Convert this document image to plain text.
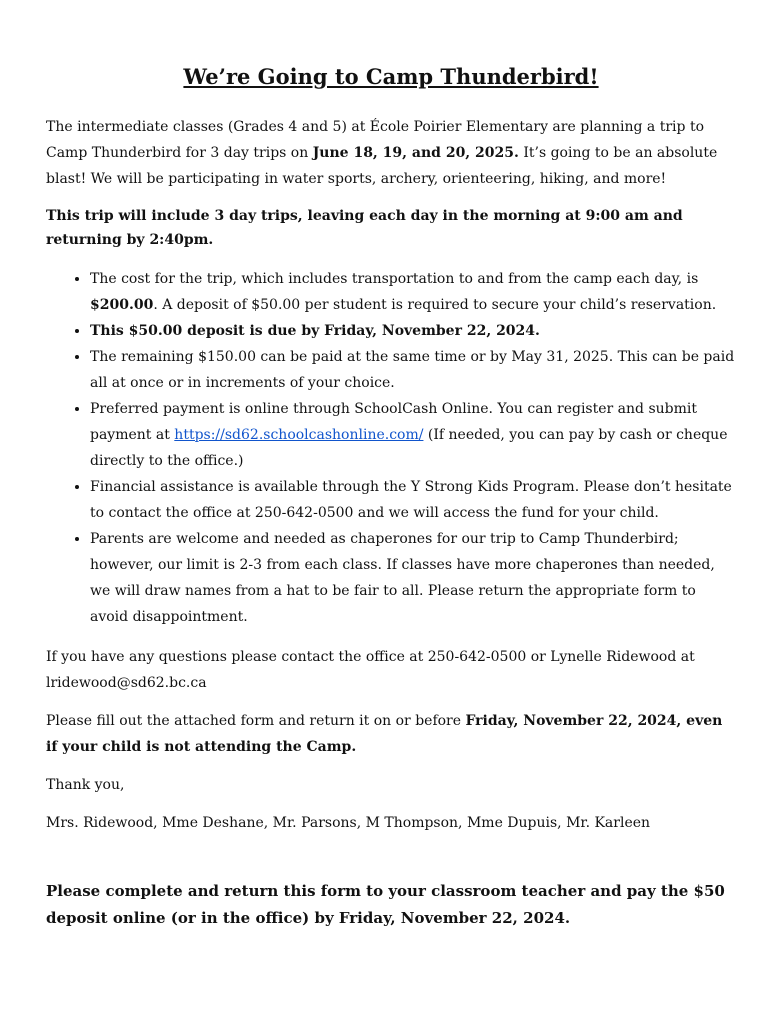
We’re Going to Camp Thunderbird!

The intermediate classes (Grades 4 and 5) at École Poirier Elementary are planning a trip to Camp Thunderbird for 3 day trips on June 18, 19, and 20, 2025. It’s going to be an absolute blast! We will be participating in water sports, archery, orienteering, hiking, and more!

This trip will include 3 day trips, leaving each day in the morning at 9:00 am and returning by 2:40pm.

• The cost for the trip, which includes transportation to and from the camp each day, is $200.00. A deposit of $50.00 per student is required to secure your child’s reservation.
• This $50.00 deposit is due by Friday, November 22, 2024.
• The remaining $150.00 can be paid at the same time or by May 31, 2025. This can be paid all at once or in increments of your choice.
• Preferred payment is online through SchoolCash Online. You can register and submit payment at https://sd62.schoolcashonline.com/ (If needed, you can pay by cash or cheque directly to the office.)
• Financial assistance is available through the Y Strong Kids Program. Please don’t hesitate to contact the office at 250-642-0500 and we will access the fund for your child.
• Parents are welcome and needed as chaperones for our trip to Camp Thunderbird; however, our limit is 2-3 from each class. If classes have more chaperones than needed, we will draw names from a hat to be fair to all. Please return the appropriate form to avoid disappointment.

If you have any questions please contact the office at 250-642-0500 or Lynelle Ridewood at lridewood@sd62.bc.ca

Please fill out the attached form and return it on or before Friday, November 22, 2024, even if your child is not attending the Camp.

Thank you,

Mrs. Ridewood, Mme Deshane, Mr. Parsons, M Thompson, Mme Dupuis, Mr. Karleen

Please complete and return this form to your classroom teacher and pay the $50 deposit online (or in the office) by Friday, November 22, 2024.
